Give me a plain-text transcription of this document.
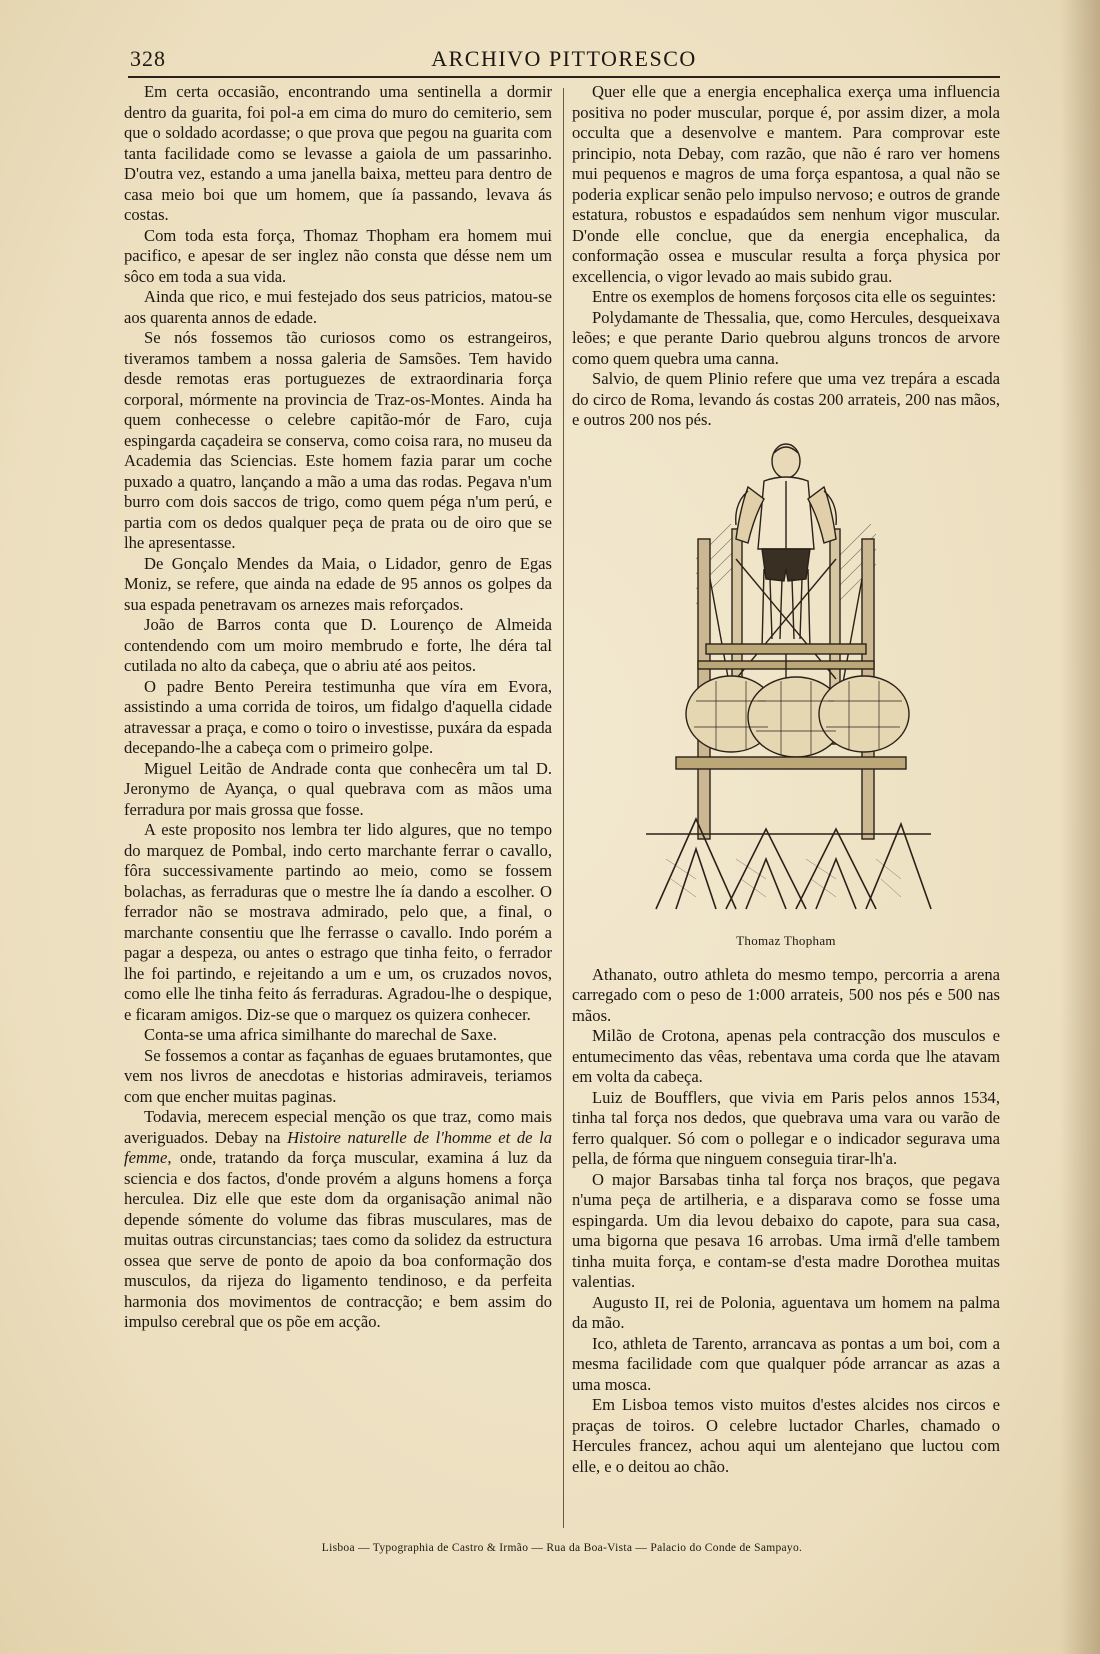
328	ARCHIVO PITTORESCO

Em certa occasião, encontrando uma sentinella a dormir dentro da guarita, foi pol-a em cima do muro do cemiterio, sem que o soldado acordasse; o que prova que pegou na guarita com tanta facilidade como se levasse a gaiola de um passarinho. D'outra vez, estando a uma janella baixa, metteu para dentro de casa meio boi que um homem, que ía passando, levava ás costas.

Com toda esta força, Thomaz Thopham era homem mui pacifico, e apesar de ser inglez não consta que désse nem um sôco em toda a sua vida.

Ainda que rico, e mui festejado dos seus patricios, matou-se aos quarenta annos de edade.

Se nós fossemos tão curiosos como os estrangeiros, tiveramos tambem a nossa galeria de Samsões. Tem havido desde remotas eras portuguezes de extraordinaria força corporal, mórmente na provincia de Traz-os-Montes. Ainda ha quem conhecesse o celebre capitão-mór de Faro, cuja espingarda caçadeira se conserva, como coisa rara, no museu da Academia das Sciencias. Este homem fazia parar um coche puxado a quatro, lançando a mão a uma das rodas. Pegava n'um burro com dois saccos de trigo, como quem péga n'um perú, e partia com os dedos qualquer peça de prata ou de oiro que se lhe apresentasse.

De Gonçalo Mendes da Maia, o Lidador, genro de Egas Moniz, se refere, que ainda na edade de 95 annos os golpes da sua espada penetravam os arnezes mais reforçados.

João de Barros conta que D. Lourenço de Almeida contendendo com um moiro membrudo e forte, lhe déra tal cutilada no alto da cabeça, que o abriu até aos peitos.

O padre Bento Pereira testimunha que víra em Evora, assistindo a uma corrida de toiros, um fidalgo d'aquella cidade atravessar a praça, e como o toiro o investisse, puxára da espada decepando-lhe a cabeça com o primeiro golpe.

Miguel Leitão de Andrade conta que conhecêra um tal D. Jeronymo de Ayança, o qual quebrava com as mãos uma ferradura por mais grossa que fosse.

A este proposito nos lembra ter lido algures, que no tempo do marquez de Pombal, indo certo marchante ferrar o cavallo, fôra successivamente partindo ao meio, como se fossem bolachas, as ferraduras que o mestre lhe ía dando a escolher. O ferrador não se mostrava admirado, pelo que, a final, o marchante consentiu que lhe ferrasse o cavallo. Indo porém a pagar a despeza, ou antes o estrago que tinha feito, o ferrador lhe foi partindo, e rejeitando a um e um, os cruzados novos, como elle lhe tinha feito ás ferraduras. Agradou-lhe o despique, e ficaram amigos. Diz-se que o marquez os quizera conhecer.

Conta-se uma africa similhante do marechal de Saxe.

Se fossemos a contar as façanhas de eguaes brutamontes, que vem nos livros de anecdotas e historias admiraveis, teriamos com que encher muitas paginas.

Todavia, merecem especial menção os que traz, como mais averiguados. Debay na Histoire naturelle de l'homme et de la femme, onde, tratando da força muscular, examina á luz da sciencia e dos factos, d'onde provém a alguns homens a força herculea. Diz elle que este dom da organisação animal não depende sómente do volume das fibras musculares, mas de muitas outras circunstancias; taes como da solidez da estructura ossea que serve de ponto de apoio da boa conformação dos musculos, da rijeza do ligamento tendinoso, e da perfeita harmonia dos movimentos de contracção; e bem assim do impulso cerebral que os põe em acção.

Quer elle que a energia encephalica exerça uma influencia positiva no poder muscular, porque é, por assim dizer, a mola occulta que a desenvolve e mantem. Para comprovar este principio, nota Debay, com razão, que não é raro ver homens mui pequenos e magros de uma força espantosa, a qual não se poderia explicar senão pelo impulso nervoso; e outros de grande estatura, robustos e espadaúdos sem nenhum vigor muscular. D'onde elle conclue, que da energia encephalica, da conformação ossea e muscular resulta a força physica por excellencia, o vigor levado ao mais subido grau.

Entre os exemplos de homens forçosos cita elle os seguintes:

Polydamante de Thessalia, que, como Hercules, desqueixava leões; e que perante Dario quebrou alguns troncos de arvore como quem quebra uma canna.

Salvio, de quem Plinio refere que uma vez trepára a escada do circo de Roma, levando ás costas 200 arrateis, 200 nas mãos, e outros 200 nos pés.

Thomaz Thopham

Athanato, outro athleta do mesmo tempo, percorria a arena carregado com o peso de 1:000 arrateis, 500 nos pés e 500 nas mãos.

Milão de Crotona, apenas pela contracção dos musculos e entumecimento das vêas, rebentava uma corda que lhe atavam em volta da cabeça.

Luiz de Boufflers, que vivia em Paris pelos annos 1534, tinha tal força nos dedos, que quebrava uma vara ou varão de ferro qualquer. Só com o pollegar e o indicador segurava uma pella, de fórma que ninguem conseguia tirar-lh'a.

O major Barsabas tinha tal força nos braços, que pegava n'uma peça de artilheria, e a disparava como se fosse uma espingarda. Um dia levou debaixo do capote, para sua casa, uma bigorna que pesava 16 arrobas. Uma irmã d'elle tambem tinha muita força, e contam-se d'esta madre Dorothea muitas valentias.

Augusto II, rei de Polonia, aguentava um homem na palma da mão.

Ico, athleta de Tarento, arrancava as pontas a um boi, com a mesma facilidade com que qualquer póde arrancar as azas a uma mosca.

Em Lisboa temos visto muitos d'estes alcides nos circos e praças de toiros. O celebre luctador Charles, chamado o Hercules francez, achou aqui um alentejano que luctou com elle, e o deitou ao chão.

Lisboa — Typographia de Castro & Irmão — Rua da Boa-Vista — Palacio do Conde de Sampayo.
